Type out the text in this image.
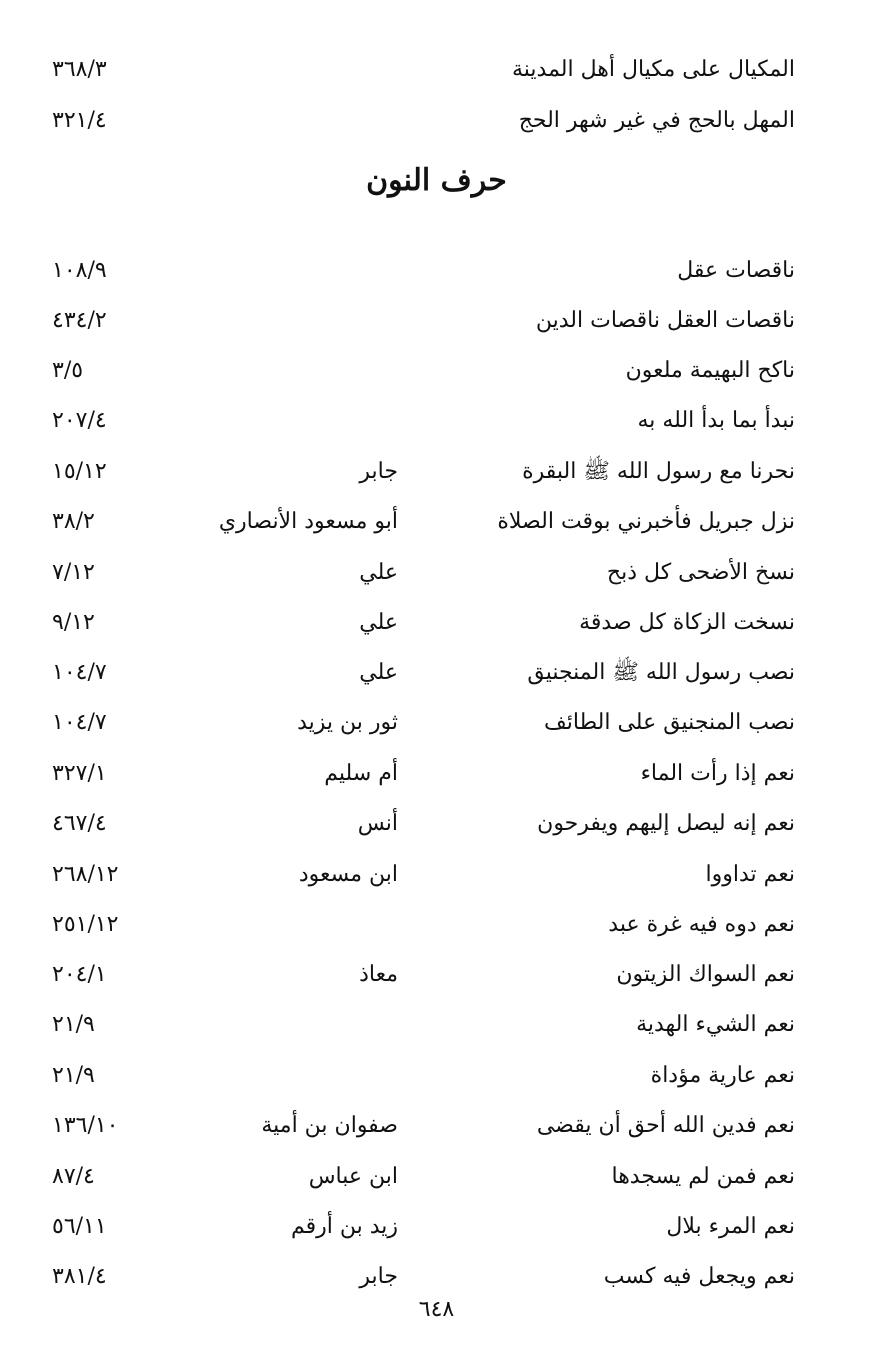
المكيال على مكيال أهل المدينة
٣٦٨/٣
المهل بالحج في غير شهر الحج
٣٢١/٤
حرف النون
ناقصات عقل
١٠٨/٩
ناقصات العقل ناقصات الدين
٤٣٤/٢
ناكح البهيمة ملعون
٣/٥
نبدأ بما بدأ الله به
٢٠٧/٤
نحرنا مع رسول الله ﷺ البقرة
جابر
١٥/١٢
نزل جبريل فأخبرني بوقت الصلاة
أبو مسعود الأنصاري
٣٨/٢
نسخ الأضحى كل ذبح
علي
٧/١٢
نسخت الزكاة كل صدقة
علي
٩/١٢
نصب رسول الله ﷺ المنجنيق
علي
١٠٤/٧
نصب المنجنيق على الطائف
ثور بن يزيد
١٠٤/٧
نعم إذا رأت الماء
أم سليم
٣٢٧/١
نعم إنه ليصل إليهم ويفرحون
أنس
٤٦٧/٤
نعم تداووا
ابن مسعود
٢٦٨/١٢
نعم دوه فيه غرة عبد
٢٥١/١٢
نعم السواك الزيتون
معاذ
٢٠٤/١
نعم الشيء الهدية
٢١/٩
نعم عارية مؤداة
٢١/٩
نعم فدين الله أحق أن يقضى
صفوان بن أمية
١٣٦/١٠
نعم فمن لم يسجدها
ابن عباس
٨٧/٤
نعم المرء بلال
زيد بن أرقم
٥٦/١١
نعم ويجعل فيه كسب
جابر
٣٨١/٤
٦٤٨
